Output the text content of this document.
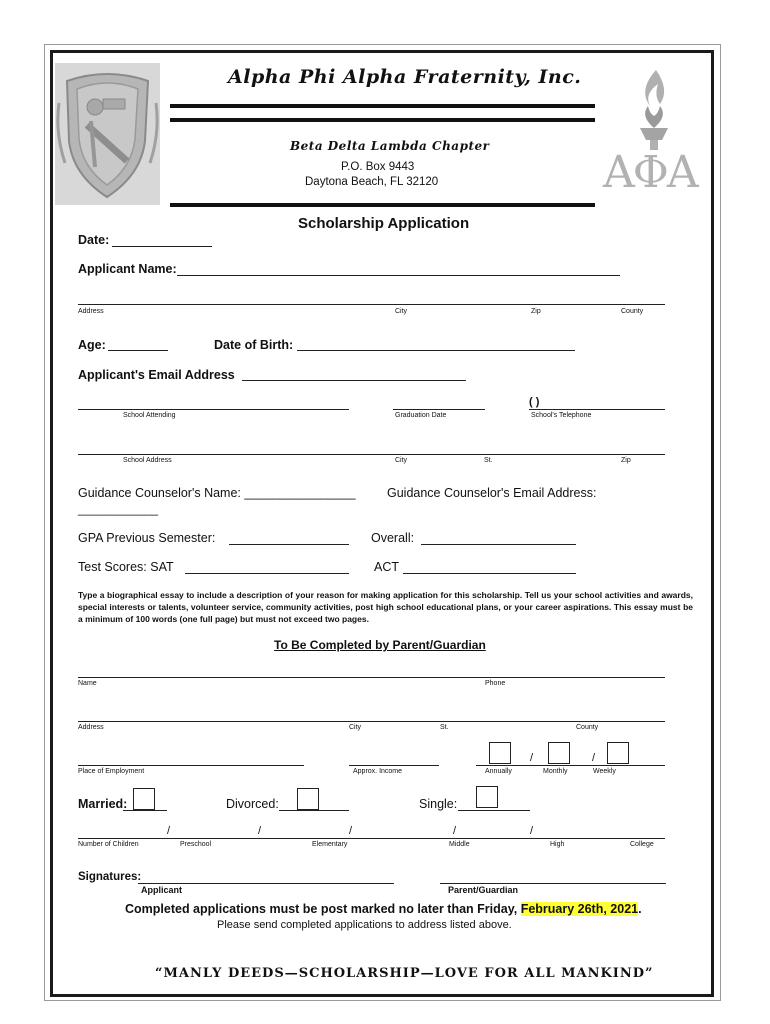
ΑΦΑ
Alpha Phi Alpha Fraternity, Inc.
Beta Delta Lambda Chapter
P.O. Box 9443
Daytona Beach, FL 32120
Scholarship Application
Date:
Applicant Name:
Address	City	Zip	County
Age:	Date of Birth:
Applicant's Email Address
( )
School Attending	Graduation Date	School's Telephone
School Address	City	St.	Zip
Guidance Counselor's Name: ________________	Guidance Counselor's Email Address:
____________
GPA Previous Semester:	Overall:
Test Scores: SAT	ACT
Type a biographical essay to include a description of your reason for making application for this scholarship. Tell us your school activities and awards, special interests or talents, volunteer service, community activities, post high school educational plans, or your career aspirations. This essay must be a minimum of 100 words (one full page) but must not exceed two pages.
To Be Completed by Parent/Guardian
Name	Phone
Address	City	St.	County
/	/
Place of Employment	Approx. Income	Annually	Monthly	Weekly
Married:	Divorced:	Single:
/	/	/	/	/
Number of Children	Preschool	Elementary	Middle	High	College
Signatures:
Applicant	Parent/Guardian
Completed applications must be post marked no later than Friday, February 26th, 2021.
Please send completed applications to address listed above.
“MANLY DEEDS—SCHOLARSHIP—LOVE FOR ALL MANKIND”
